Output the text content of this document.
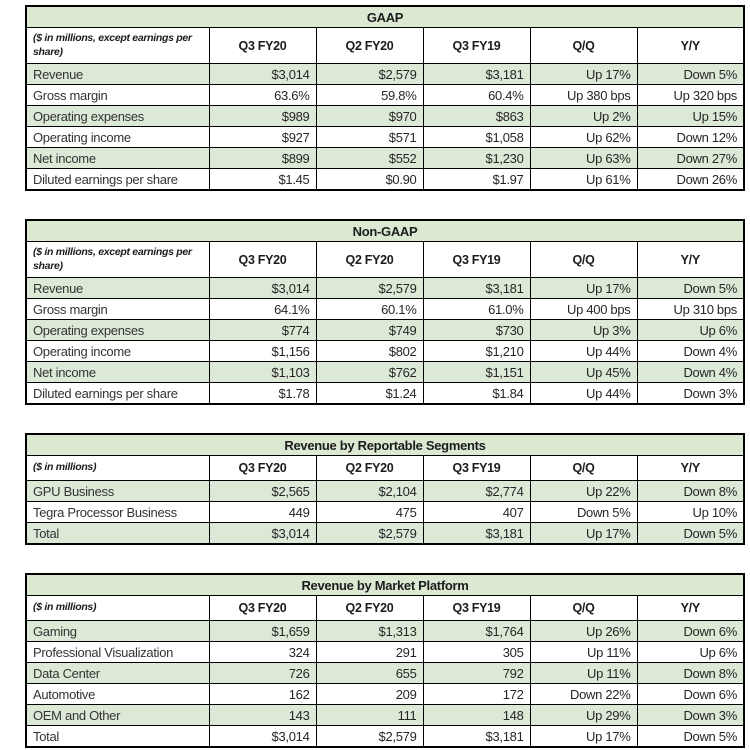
GAAP					
($ in millions, except earnings per share)	Q3 FY20	Q2 FY20	Q3 FY19	Q/Q	Y/Y
Revenue	$3,014	$2,579	$3,181	Up 17%	Down 5%
Gross margin	63.6%	59.8%	60.4%	Up 380 bps	Up 320 bps
Operating expenses	$989	$970	$863	Up 2%	Up 15%
Operating income	$927	$571	$1,058	Up 62%	Down 12%
Net income	$899	$552	$1,230	Up 63%	Down 27%
Diluted earnings per share	$1.45	$0.90	$1.97	Up 61%	Down 26%
Non-GAAP					
($ in millions, except earnings per share)	Q3 FY20	Q2 FY20	Q3 FY19	Q/Q	Y/Y
Revenue	$3,014	$2,579	$3,181	Up 17%	Down 5%
Gross margin	64.1%	60.1%	61.0%	Up 400 bps	Up 310 bps
Operating expenses	$774	$749	$730	Up 3%	Up 6%
Operating income	$1,156	$802	$1,210	Up 44%	Down 4%
Net income	$1,103	$762	$1,151	Up 45%	Down 4%
Diluted earnings per share	$1.78	$1.24	$1.84	Up 44%	Down 3%
Revenue by Reportable Segments					
($ in millions)	Q3 FY20	Q2 FY20	Q3 FY19	Q/Q	Y/Y
GPU Business	$2,565	$2,104	$2,774	Up 22%	Down 8%
Tegra Processor Business	449	475	407	Down 5%	Up 10%
Total	$3,014	$2,579	$3,181	Up 17%	Down 5%
Revenue by Market Platform					
($ in millions)	Q3 FY20	Q2 FY20	Q3 FY19	Q/Q	Y/Y
Gaming	$1,659	$1,313	$1,764	Up 26%	Down 6%
Professional Visualization	324	291	305	Up 11%	Up 6%
Data Center	726	655	792	Up 11%	Down 8%
Automotive	162	209	172	Down 22%	Down 6%
OEM and Other	143	111	148	Up 29%	Down 3%
Total	$3,014	$2,579	$3,181	Up 17%	Down 5%
